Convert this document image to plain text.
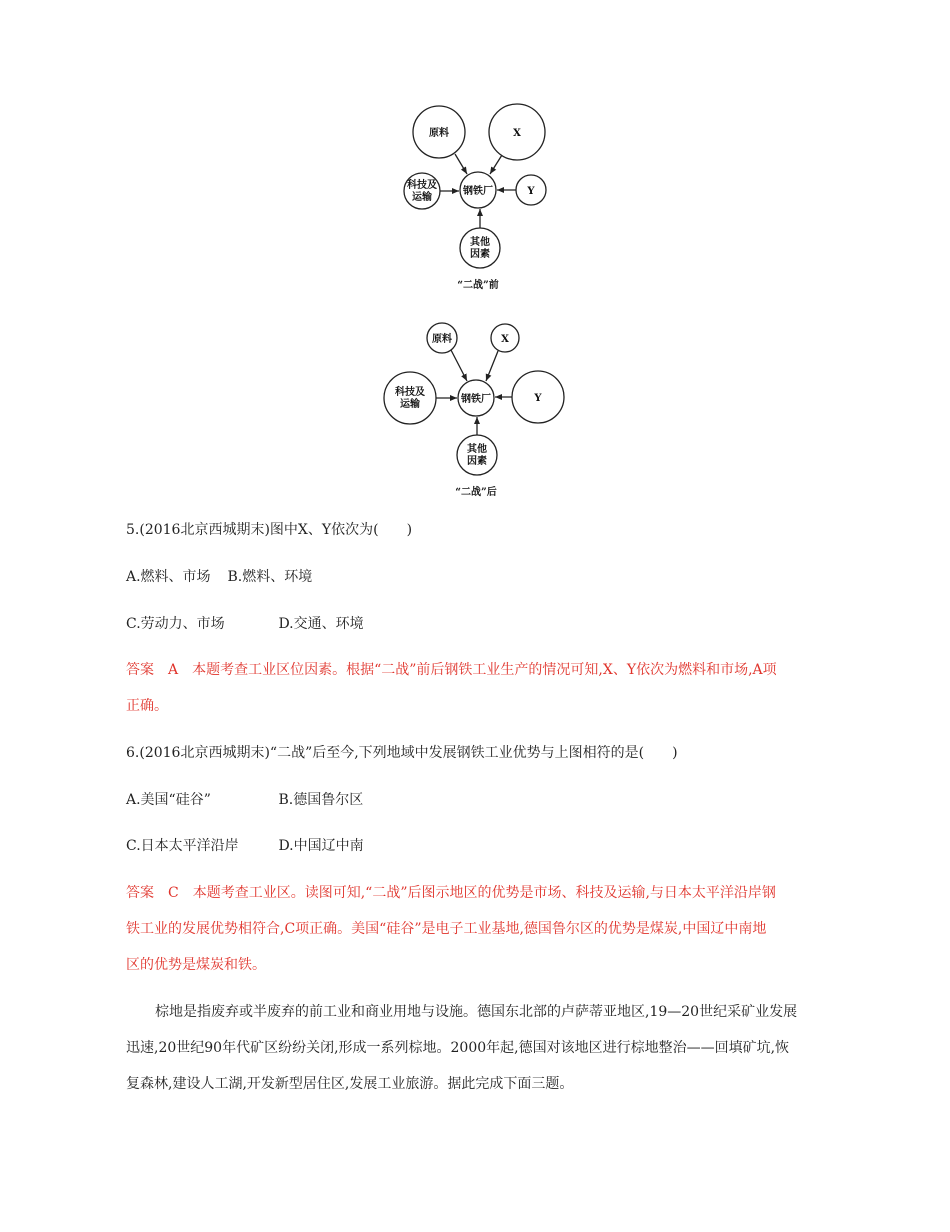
原料	X
科技及
运输
钢铁厂	Y
其他
因素
“二战”前
原料	X
科技及
运输	钢铁厂	Y
其他
因素
“二战”后
5.(2016北京西城期末)图中X、Y依次为(　　)
A.燃料、市场 B.燃料、环境
C.劳动力、市场	D.交通、环境
答案　A　本题考查工业区位因素。根据“二战”前后钢铁工业生产的情况可知,X、Y依次为燃料和市场,A项
正确。
6.(2016北京西城期末)“二战”后至今,下列地域中发展钢铁工业优势与上图相符的是(　　)
A.美国“硅谷”	B.德国鲁尔区
C.日本太平洋沿岸	D.中国辽中南
答案　C　本题考查工业区。读图可知,“二战”后图示地区的优势是市场、科技及运输,与日本太平洋沿岸钢
铁工业的发展优势相符合,C项正确。美国“硅谷”是电子工业基地,德国鲁尔区的优势是煤炭,中国辽中南地
区的优势是煤炭和铁。
棕地是指废弃或半废弃的前工业和商业用地与设施。德国东北部的卢萨蒂亚地区,19—20世纪采矿业发展
迅速,20世纪90年代矿区纷纷关闭,形成一系列棕地。2000年起,德国对该地区进行棕地整治——回填矿坑,恢
复森林,建设人工湖,开发新型居住区,发展工业旅游。据此完成下面三题。
